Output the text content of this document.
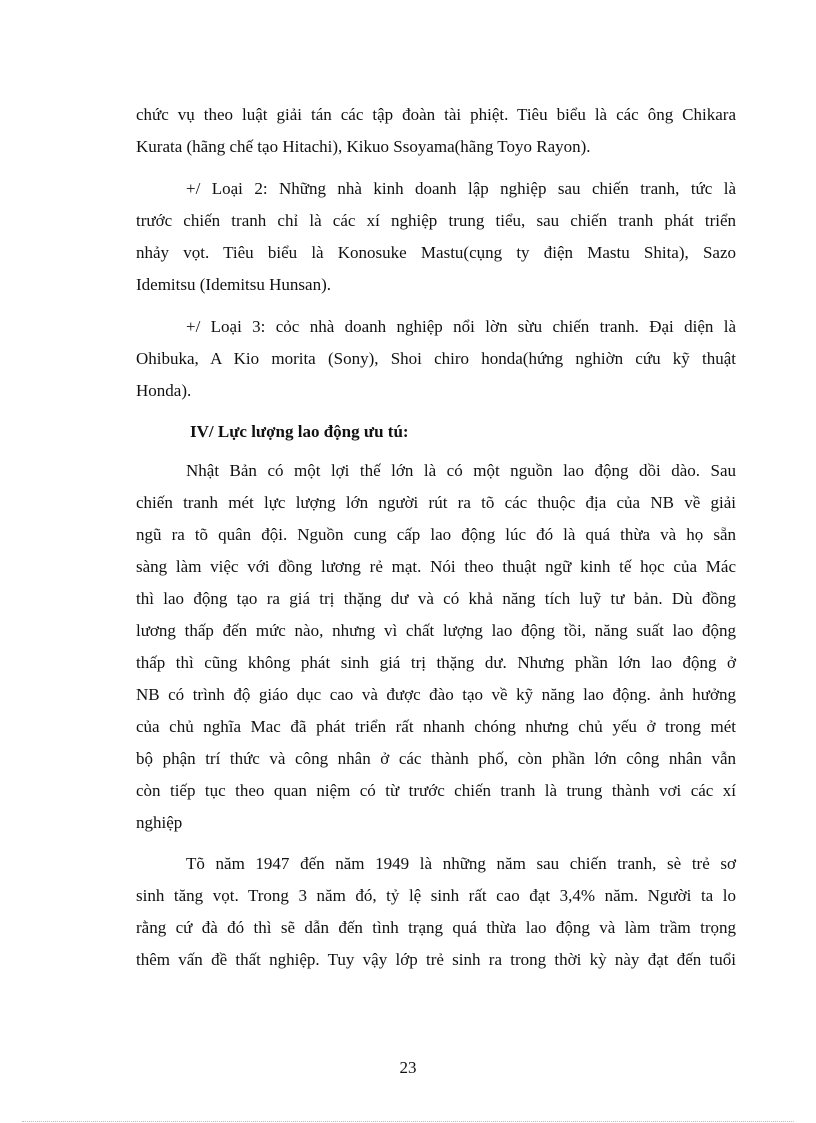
chức vụ theo luật giải tán các tập đoàn tài phiệt. Tiêu biểu là các ông Chikara
Kurata (hãng chế tạo Hitachi), Kikuo Ssoyama(hãng Toyo Rayon).
+/ Loại 2: Những nhà kinh doanh lập nghiệp sau chiến tranh, tức là
trước chiến tranh chỉ là các xí nghiệp trung tiểu, sau chiến tranh phát triển
nhảy vọt. Tiêu biểu là Konosuke Mastu(cụng ty điện Mastu Shita), Sazo
Idemitsu (Idemitsu Hunsan).
+/ Loại 3: cỏc nhà doanh nghiệp nổi lờn sừu chiến tranh. Đại diện là
Ohibuka, A Kio morita (Sony), Shoi chiro honda(hứng nghiờn cứu kỹ thuật
Honda).
IV/ Lực lượng lao động ưu tú:
Nhật Bản có một lợi thế lớn là có một nguồn lao động dồi dào. Sau
chiến tranh mét lực lượng lớn người rút ra tõ các thuộc địa của NB về giải
ngũ ra tõ quân đội. Nguồn cung cấp lao động lúc đó là quá thừa và họ sẵn
sàng làm việc với đồng lương rẻ mạt. Nói theo thuật ngữ kinh tế học của Mác
thì lao động tạo ra giá trị thặng dư và có khả năng tích luỹ tư bản. Dù đồng
lương thấp đến mức nào, nhưng vì chất lượng lao động tồi, năng suất lao động
thấp thì cũng không phát sinh giá trị thặng dư. Nhưng phần lớn lao động ở
NB có trình độ giáo dục cao và được đào tạo về kỹ năng lao động. ảnh hưởng
của chủ nghĩa Mac đã phát triển rất nhanh chóng nhưng chủ yếu ở trong mét
bộ phận trí thức và công nhân ở các thành phố, còn phần lớn công nhân vẫn
còn tiếp tục theo quan niệm có từ trước chiến tranh là trung thành vơi các xí
nghiệp
Tõ năm 1947 đến năm 1949 là những năm sau chiến tranh, sè trẻ sơ
sinh tăng vọt. Trong 3 năm đó, tỷ lệ sinh rất cao đạt 3,4% năm. Người ta lo
rằng cứ đà đó thì sẽ dẫn đến tình trạng quá thừa lao động và làm trầm trọng
thêm vấn đề thất nghiệp. Tuy vậy lớp trẻ sinh ra trong thời kỳ này đạt đến tuổi
23
